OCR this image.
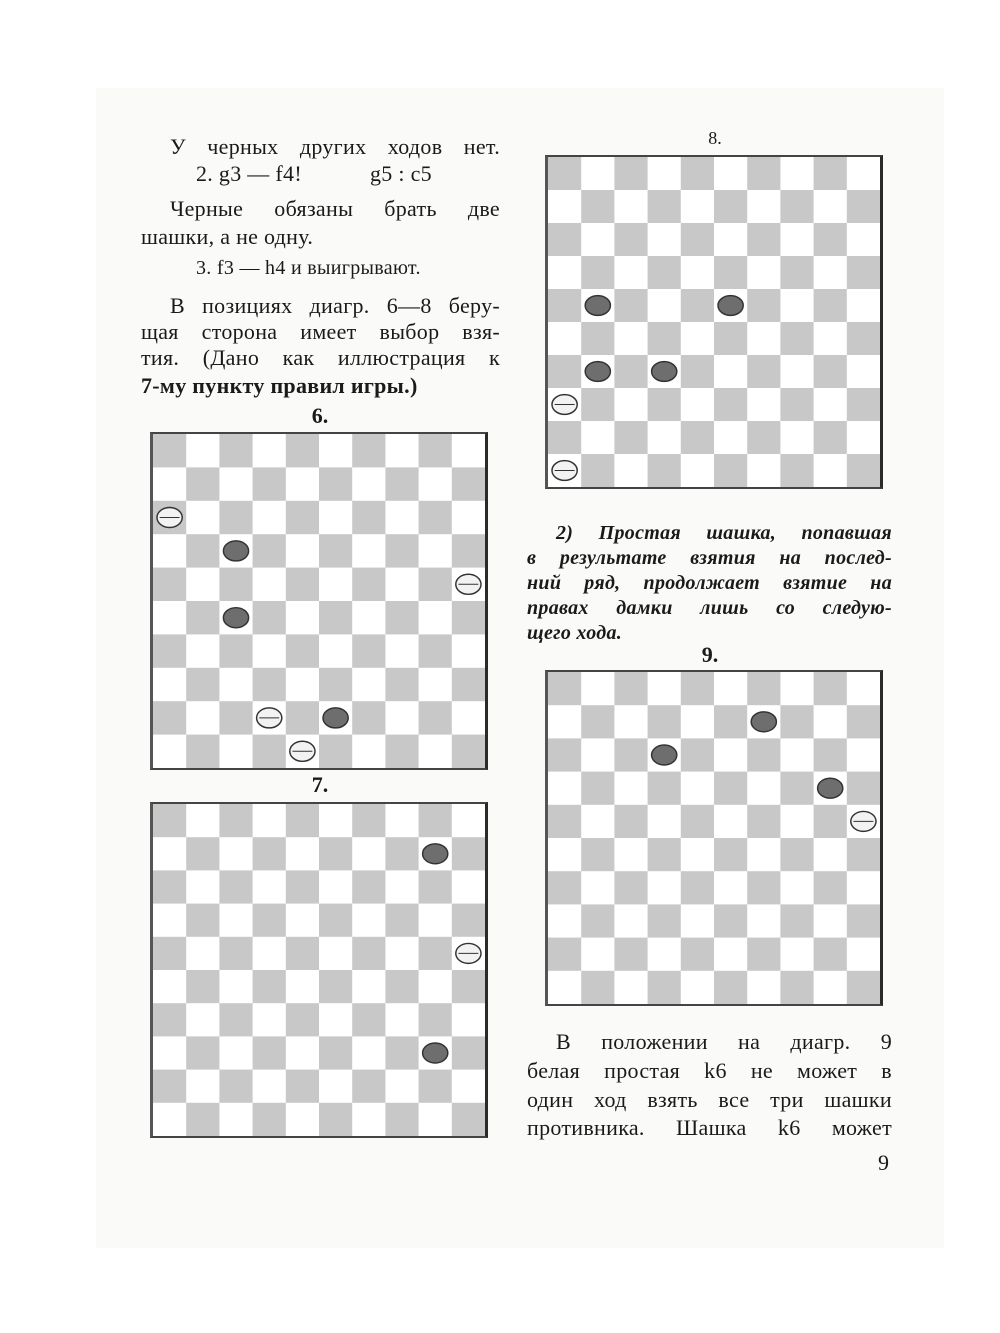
У черных других ходов нет.
2. g3 — f4!	g5 : c5
Черные обязаны брать две
шашки, а не одну.
3. f3 — h4 и выигрывают.
В позициях диагр. 6—8 беру-
щая сторона имеет выбор взя-
тия. (Дано как иллюстрация к
7-му пункту правил игры.)
6.
7.
8.
2) Простая шашка, попавшая
в результате взятия на послед-
ний ряд, продолжает взятие на
правах дамки лишь со следую-
щего хода.
9.
В положении на диагр. 9
белая простая k6 не может в
один ход взять все три шашки
противника. Шашка k6 может
9
